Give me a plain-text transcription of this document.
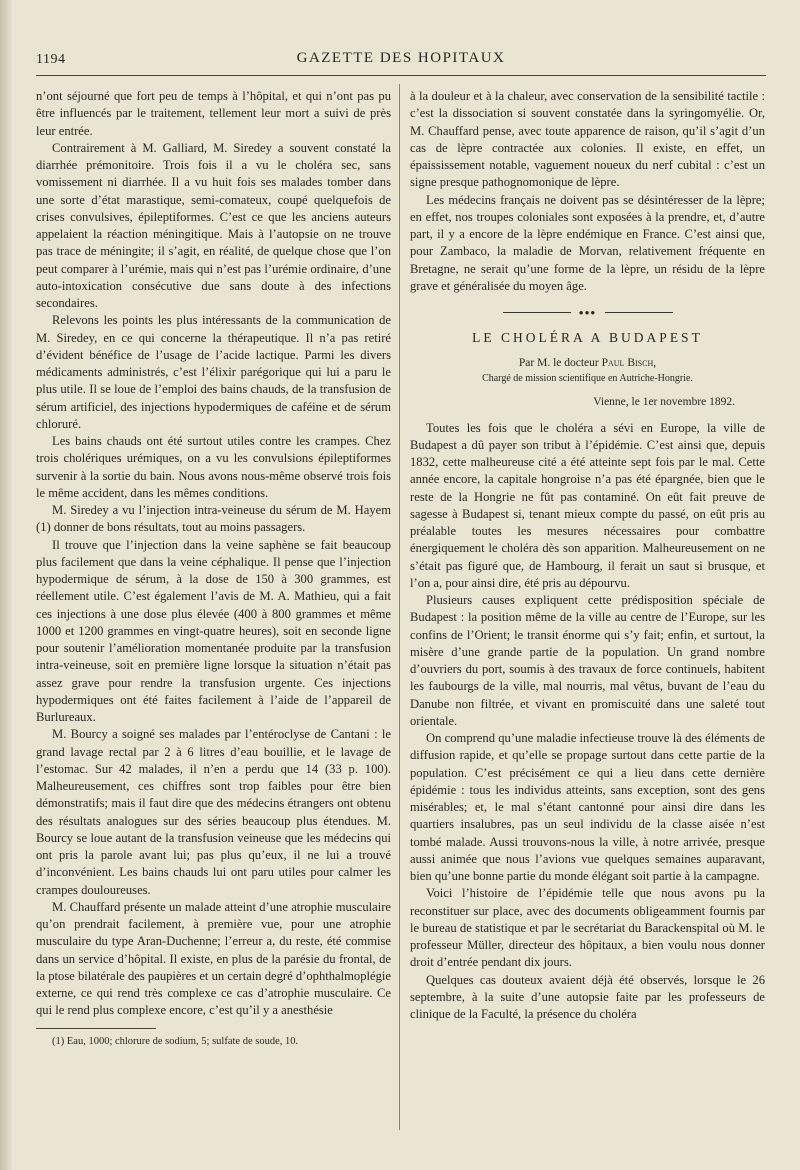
1194	GAZETTE DES HOPITAUX

n’ont séjourné que fort peu de temps à l’hôpital, et qui n’ont pas pu être influencés par le traitement, tellement leur mort a suivi de près leur entrée.

Contrairement à M. Galliard, M. Siredey a souvent constaté la diarrhée prémonitoire. Trois fois il a vu le choléra sec, sans vomissement ni diarrhée. Il a vu huit fois ses malades tomber dans une sorte d’état marastique, semi-comateux, coupé quelquefois de crises convulsives, épileptiformes. C’est ce que les anciens auteurs appelaient la réaction méningitique. Mais à l’autopsie on ne trouve pas trace de méningite; il s’agit, en réalité, de quelque chose que l’on peut comparer à l’urémie, mais qui n’est pas l’urémie ordinaire, d’une auto-intoxication consécutive due sans doute à des infections secondaires.

Relevons les points les plus intéressants de la communication de M. Siredey, en ce qui concerne la thérapeutique. Il n’a pas retiré d’évident bénéfice de l’usage de l’acide lactique. Parmi les divers médicaments administrés, c’est l’élixir parégorique qui lui a paru le plus utile. Il se loue de l’emploi des bains chauds, de la transfusion de sérum artificiel, des injections hypodermiques de caféine et de sérum chloruré.

Les bains chauds ont été surtout utiles contre les crampes. Chez trois cholériques urémiques, on a vu les convulsions épileptiformes survenir à la sortie du bain. Nous avons nous-même observé trois fois le même accident, dans les mêmes conditions.

M. Siredey a vu l’injection intra-veineuse du sérum de M. Hayem (1) donner de bons résultats, tout au moins passagers.

Il trouve que l’injection dans la veine saphène se fait beaucoup plus facilement que dans la veine céphalique. Il pense que l’injection hypodermique de sérum, à la dose de 150 à 300 grammes, est réellement utile. C’est également l’avis de M. A. Mathieu, qui a fait ces injections à une dose plus élevée (400 à 800 grammes et même 1000 et 1200 grammes en vingt-quatre heures), soit en seconde ligne pour soutenir l’amélioration momentanée produite par la transfusion intra-veineuse, soit en première ligne lorsque la situation n’était pas assez grave pour rendre la transfusion urgente. Ces injections hypodermiques ont été faites facilement à l’aide de l’appareil de Burlureaux.

M. Bourcy a soigné ses malades par l’entéroclyse de Cantani : le grand lavage rectal par 2 à 6 litres d’eau bouillie, et le lavage de l’estomac. Sur 42 malades, il n’en a perdu que 14 (33 p. 100). Malheureusement, ces chiffres sont trop faibles pour être bien démonstratifs; mais il faut dire que des médecins étrangers ont obtenu des résultats analogues sur des séries beaucoup plus étendues. M. Bourcy se loue autant de la transfusion veineuse que les médecins qui ont pris la parole avant lui; pas plus qu’eux, il ne lui a trouvé d’inconvénient. Les bains chauds lui ont paru utiles pour calmer les crampes douloureuses.

M. Chauffard présente un malade atteint d’une atrophie musculaire qu’on prendrait facilement, à première vue, pour une atrophie musculaire du type Aran-Duchenne; l’erreur a, du reste, été commise dans un service d’hôpital. Il existe, en plus de la parésie du frontal, de la ptose bilatérale des paupières et un certain degré d’ophthalmoplégie externe, ce qui rend très complexe ce cas d’atrophie musculaire. Ce qui le rend plus complexe encore, c’est qu’il y a anesthésie

(1) Eau, 1000; chlorure de sodium, 5; sulfate de soude, 10.

à la douleur et à la chaleur, avec conservation de la sensibilité tactile : c’est la dissociation si souvent constatée dans la syringomyélie. Or, M. Chauffard pense, avec toute apparence de raison, qu’il s’agit d’un cas de lèpre contractée aux colonies. Il existe, en effet, un épaississement notable, vaguement noueux du nerf cubital : c’est un signe presque pathognomonique de lèpre.

Les médecins français ne doivent pas se désintéresser de la lèpre; en effet, nos troupes coloniales sont exposées à la prendre, et, d’autre part, il y a encore de la lèpre endémique en France. C’est ainsi que, pour Zambaco, la maladie de Morvan, relativement fréquente en Bretagne, ne serait qu’une forme de la lèpre, un résidu de la lèpre grave et généralisée du moyen âge.

●●●
LE CHOLÉRA A BUDAPEST
Par M. le docteur Paul Bisch,
Chargé de mission scientifique en Autriche-Hongrie.
Vienne, le 1er novembre 1892.

Toutes les fois que le choléra a sévi en Europe, la ville de Budapest a dû payer son tribut à l’épidémie. C’est ainsi que, depuis 1832, cette malheureuse cité a été atteinte sept fois par le mal. Cette année encore, la capitale hongroise n’a pas été épargnée, bien que le reste de la Hongrie ne fût pas contaminé. On eût fait preuve de sagesse à Budapest si, tenant mieux compte du passé, on eût pris au préalable toutes les mesures nécessaires pour combattre énergiquement le choléra dès son apparition. Malheureusement on ne s’était pas figuré que, de Hambourg, il ferait un saut si brusque, et l’on a, pour ainsi dire, été pris au dépourvu.

Plusieurs causes expliquent cette prédisposition spéciale de Budapest : la position même de la ville au centre de l’Europe, sur les confins de l’Orient; le transit énorme qui s’y fait; enfin, et surtout, la misère d’une grande partie de la population. Un grand nombre d’ouvriers du port, soumis à des travaux de force continuels, habitent les faubourgs de la ville, mal nourris, mal vêtus, buvant de l’eau du Danube non filtrée, et vivant en promiscuité dans une saleté tout orientale.

On comprend qu’une maladie infectieuse trouve là des éléments de diffusion rapide, et qu’elle se propage surtout dans cette partie de la population. C’est précisément ce qui a lieu dans cette dernière épidémie : tous les individus atteints, sans exception, sont des gens misérables; et, le mal s’étant cantonné pour ainsi dire dans les quartiers insalubres, pas un seul individu de la classe aisée n’est tombé malade. Aussi trouvons-nous la ville, à notre arrivée, presque aussi animée que nous l’avions vue quelques semaines auparavant, bien qu’une bonne partie du monde élégant soit partie à la campagne.

Voici l’histoire de l’épidémie telle que nous avons pu la reconstituer sur place, avec des documents obligeamment fournis par le bureau de statistique et par le secrétariat du Barackenspital où M. le professeur Müller, directeur des hôpitaux, a bien voulu nous donner droit d’entrée pendant dix jours.

Quelques cas douteux avaient déjà été observés, lorsque le 26 septembre, à la suite d’une autopsie faite par les professeurs de clinique de la Faculté, la présence du choléra
